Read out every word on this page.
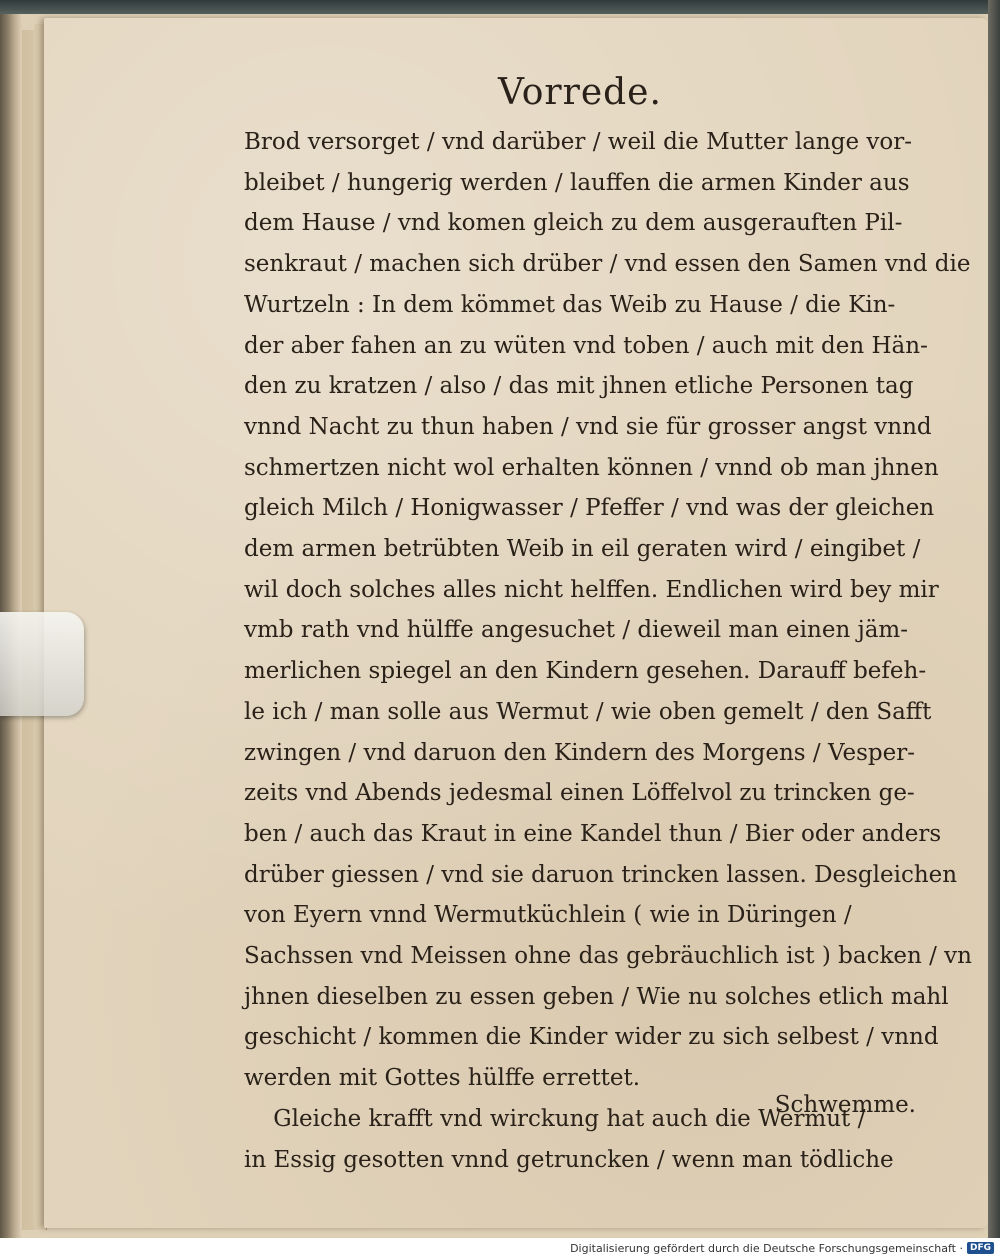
Vorrede.
Brod versorget / vnd darüber / weil die Mutter lange vor-
bleibet / hungerig werden / lauffen die armen Kinder aus
dem Hause / vnd komen gleich zu dem ausgerauften Pil-
senkraut / machen sich drüber / vnd essen den Samen vnd die
Wurtzeln : In dem kömmet das Weib zu Hause / die Kin-
der aber fahen an zu wüten vnd toben / auch mit den Hän-
den zu kratzen / also / das mit jhnen etliche Personen tag
vnnd Nacht zu thun haben / vnd sie für grosser angst vnnd
schmertzen nicht wol erhalten können / vnnd ob man jhnen
gleich Milch / Honigwasser / Pfeffer / vnd was der gleichen
dem armen betrübten Weib in eil geraten wird / eingibet /
wil doch solches alles nicht helffen. Endlichen wird bey mir
vmb rath vnd hülffe angesuchet / dieweil man einen jäm-
merlichen spiegel an den Kindern gesehen. Darauff befeh-
le ich / man solle aus Wermut / wie oben gemelt / den Safft
zwingen / vnd daruon den Kindern des Morgens / Vesper-
zeits vnd Abends jedesmal einen Löffelvol zu trincken ge-
ben / auch das Kraut in eine Kandel thun / Bier oder anders
drüber giessen / vnd sie daruon trincken lassen. Desgleichen
von Eyern vnnd Wermutküchlein ( wie in Düringen /
Sachssen vnd Meissen ohne das gebräuchlich ist ) backen / vn
jhnen dieselben zu essen geben / Wie nu solches etlich mahl
geschicht / kommen die Kinder wider zu sich selbest / vnnd
werden mit Gottes hülffe errettet.
Gleiche krafft vnd wirckung hat auch die Wermut /
in Essig gesotten vnnd getruncken / wenn man tödliche
Schwemme.
Digitalisierung gefördert durch die Deutsche Forschungsgemeinschaft · DFG
